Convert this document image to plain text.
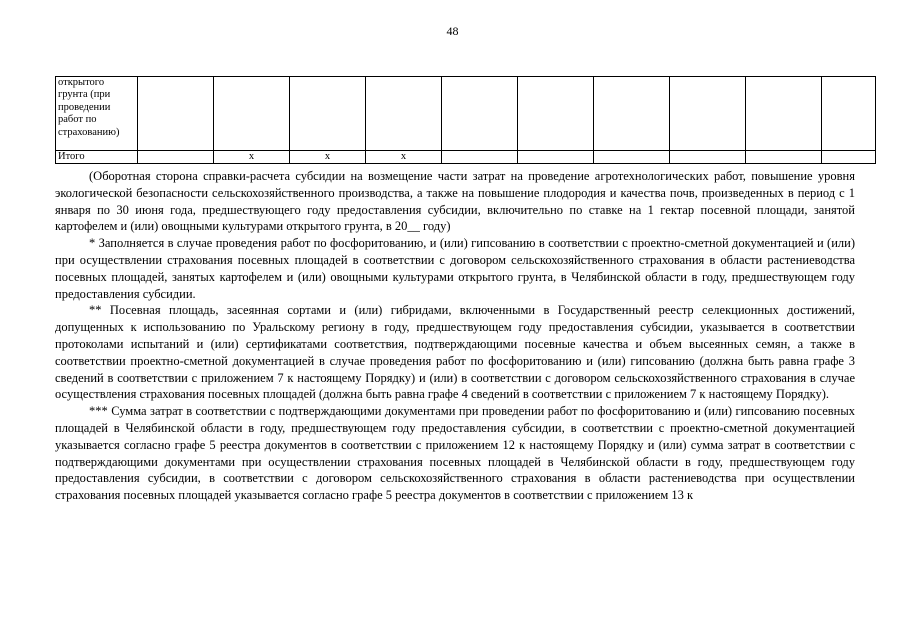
48
открытого грунта (при проведении работ по страхованию)										
Итого		х	х	х						

(Оборотная сторона справки-расчета субсидии на возмещение части затрат на проведение агротехнологических работ, повышение уровня экологической безопасности сельскохозяйственного производства, а также на повышение плодородия и качества почв, произведенных в период с 1 января по 30 июня года, предшествующего году предоставления субсидии, включительно по ставке на 1 гектар посевной площади, занятой картофелем и (или) овощными культурами открытого грунта, в 20__ году)

* Заполняется в случае проведения работ по фосфоритованию, и (или) гипсованию в соответствии с проектно-сметной документацией и (или) при осуществлении страхования посевных площадей в соответствии с договором сельскохозяйственного страхования в области растениеводства посевных площадей, занятых картофелем и (или) овощными культурами открытого грунта, в Челябинской области в году, предшествующем году предоставления субсидии.

** Посевная площадь, засеянная сортами и (или) гибридами, включенными в Государственный реестр селекционных достижений, допущенных к использованию по Уральскому региону в году, предшествующем году предоставления субсидии, указывается в соответствии протоколами испытаний и (или) сертификатами соответствия, подтверждающими посевные качества и объем высеянных семян, а также в соответствии проектно-сметной документацией в случае проведения работ по фосфоритованию и (или) гипсованию (должна быть равна графе 3 сведений в соответствии с приложением 7 к настоящему Порядку) и (или) в соответствии с договором сельскохозяйственного страхования в случае осуществления страхования посевных площадей (должна быть равна графе 4 сведений в соответствии с приложением 7 к настоящему Порядку).

*** Сумма затрат в соответствии с подтверждающими документами при проведении работ по фосфоритованию и (или) гипсованию посевных площадей в Челябинской области в году, предшествующем году предоставления субсидии, в соответствии с проектно-сметной документацией указывается согласно графе 5 реестра документов в соответствии с приложением 12 к настоящему Порядку и (или) сумма затрат в соответствии с подтверждающими документами при осуществлении страхования посевных площадей в Челябинской области в году, предшествующем году предоставления субсидии, в соответствии с договором сельскохозяйственного страхования в области растениеводства при осуществлении страхования посевных площадей указывается согласно графе 5 реестра документов в соответствии с приложением 13 к
